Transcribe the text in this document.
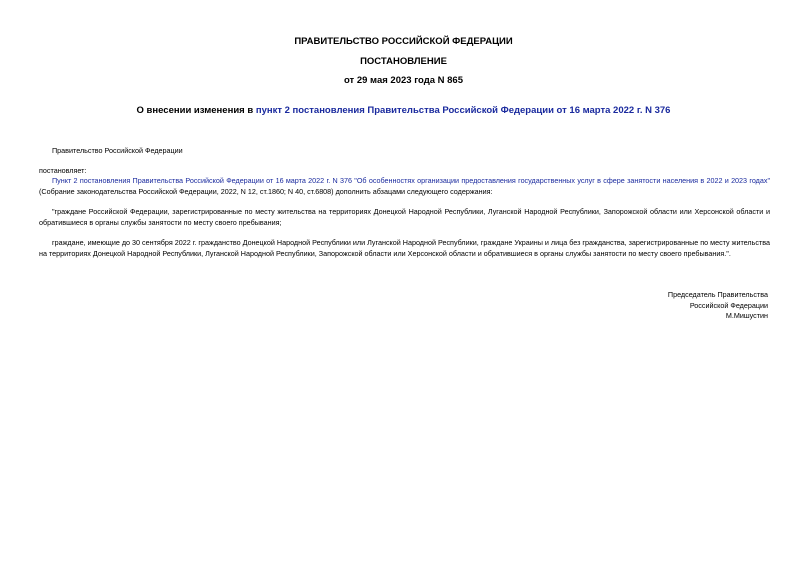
ПРАВИТЕЛЬСТВО РОССИЙСКОЙ ФЕДЕРАЦИИ
ПОСТАНОВЛЕНИЕ
от 29 мая 2023 года N 865
О внесении изменения в пункт 2 постановления Правительства Российской Федерации от 16 марта 2022 г. N 376
Правительство Российской Федерации
постановляет:
Пункт 2 постановления Правительства Российской Федерации от 16 марта 2022 г. N 376 "Об особенностях организации предоставления государственных услуг в сфере занятости населения в 2022 и 2023 годах" (Собрание законодательства Российской Федерации, 2022, N 12, ст.1860; N 40, ст.6808) дополнить абзацами следующего содержания:
"граждане Российской Федерации, зарегистрированные по месту жительства на территориях Донецкой Народной Республики, Луганской Народной Республики, Запорожской области или Херсонской области и обратившиеся в органы службы занятости по месту своего пребывания;
граждане, имеющие до 30 сентября 2022 г. гражданство Донецкой Народной Республики или Луганской Народной Республики, граждане Украины и лица без гражданства, зарегистрированные по месту жительства на территориях Донецкой Народной Республики, Луганской Народной Республики, Запорожской области или Херсонской области и обратившиеся в органы службы занятости по месту своего пребывания.".
Председатель Правительства
Российской Федерации
М.Мишустин
